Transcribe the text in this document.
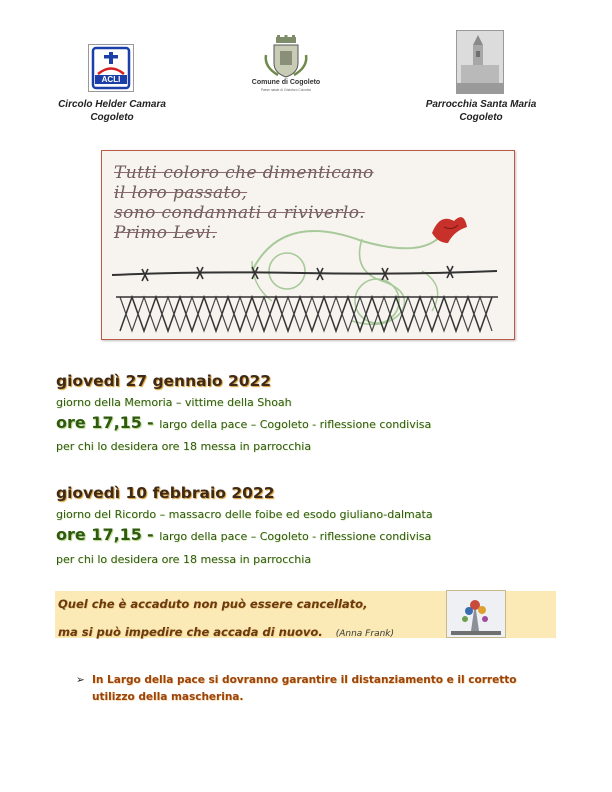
ACLI	Comune di Cogoleto
Paese natale di Cristoforo Colombo
Circolo Helder Camara
Cogoleto
Parrocchia Santa Maria
Cogoleto
Tutti coloro che dimenticano
il loro passato,
sono condannati a riviverlo.
Primo Levi.
giovedì 27 gennaio 2022
giorno della Memoria – vittime della Shoah
ore 17,15 - largo della pace – Cogoleto - riflessione condivisa
per chi lo desidera ore 18 messa in parrocchia
giovedì 10 febbraio 2022
giorno del Ricordo – massacro delle foibe ed esodo giuliano-dalmata
ore 17,15 - largo della pace – Cogoleto - riflessione condivisa
per chi lo desidera ore 18 messa in parrocchia
Quel che è accaduto non può essere cancellato,
ma si può impedire che accada di nuovo. (Anna Frank)
➢ In Largo della pace si dovranno garantire il distanziamento e il corretto
utilizzo della mascherina.
